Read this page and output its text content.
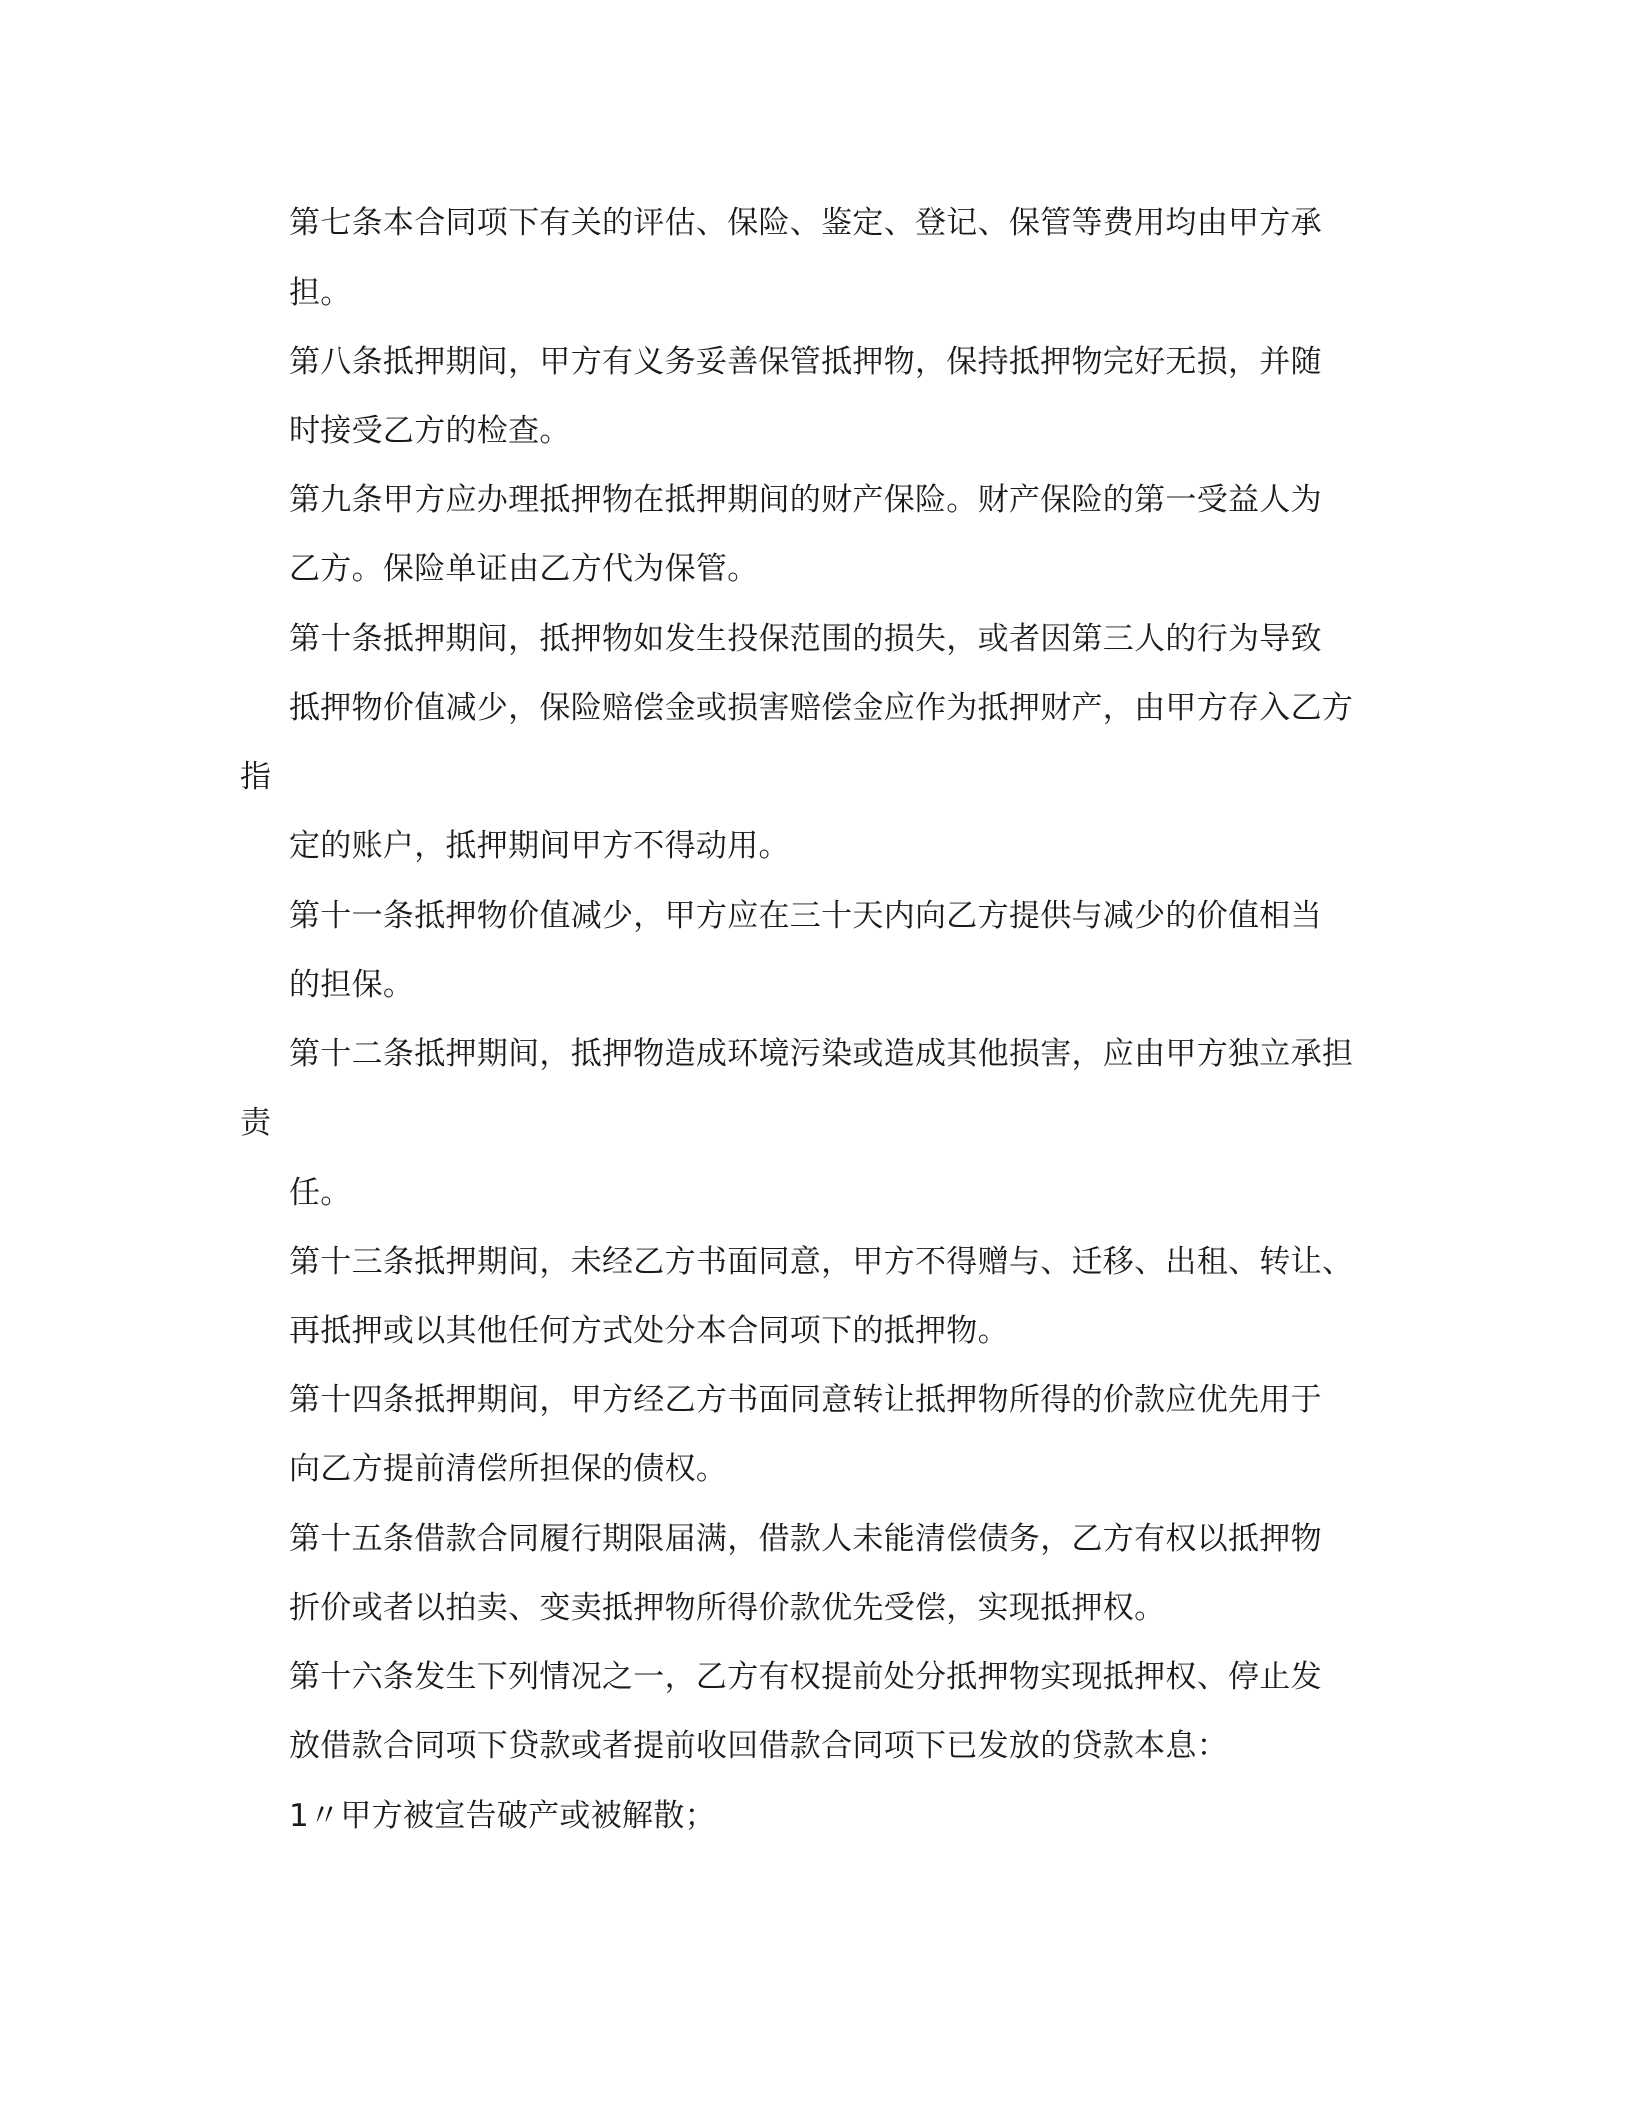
第七条本合同项下有关的评估、保险、鉴定、登记、保管等费用均由甲方承
担。
第八条抵押期间，甲方有义务妥善保管抵押物，保持抵押物完好无损，并随
时接受乙方的检查。
第九条甲方应办理抵押物在抵押期间的财产保险。财产保险的第一受益人为
乙方。保险单证由乙方代为保管。
第十条抵押期间，抵押物如发生投保范围的损失，或者因第三人的行为导致
抵押物价值减少，保险赔偿金或损害赔偿金应作为抵押财产，由甲方存入乙方
指
定的账户，抵押期间甲方不得动用。
第十一条抵押物价值减少，甲方应在三十天内向乙方提供与减少的价值相当
的担保。
第十二条抵押期间，抵押物造成环境污染或造成其他损害，应由甲方独立承担
责
任。
第十三条抵押期间，未经乙方书面同意，甲方不得赠与、迁移、出租、转让、
再抵押或以其他任何方式处分本合同项下的抵押物。
第十四条抵押期间，甲方经乙方书面同意转让抵押物所得的价款应优先用于
向乙方提前清偿所担保的债权。
第十五条借款合同履行期限届满，借款人未能清偿债务，乙方有权以抵押物
折价或者以拍卖、变卖抵押物所得价款优先受偿，实现抵押权。
第十六条发生下列情况之一，乙方有权提前处分抵押物实现抵押权、停止发
放借款合同项下贷款或者提前收回借款合同项下已发放的贷款本息：
1〃甲方被宣告破产或被解散；
